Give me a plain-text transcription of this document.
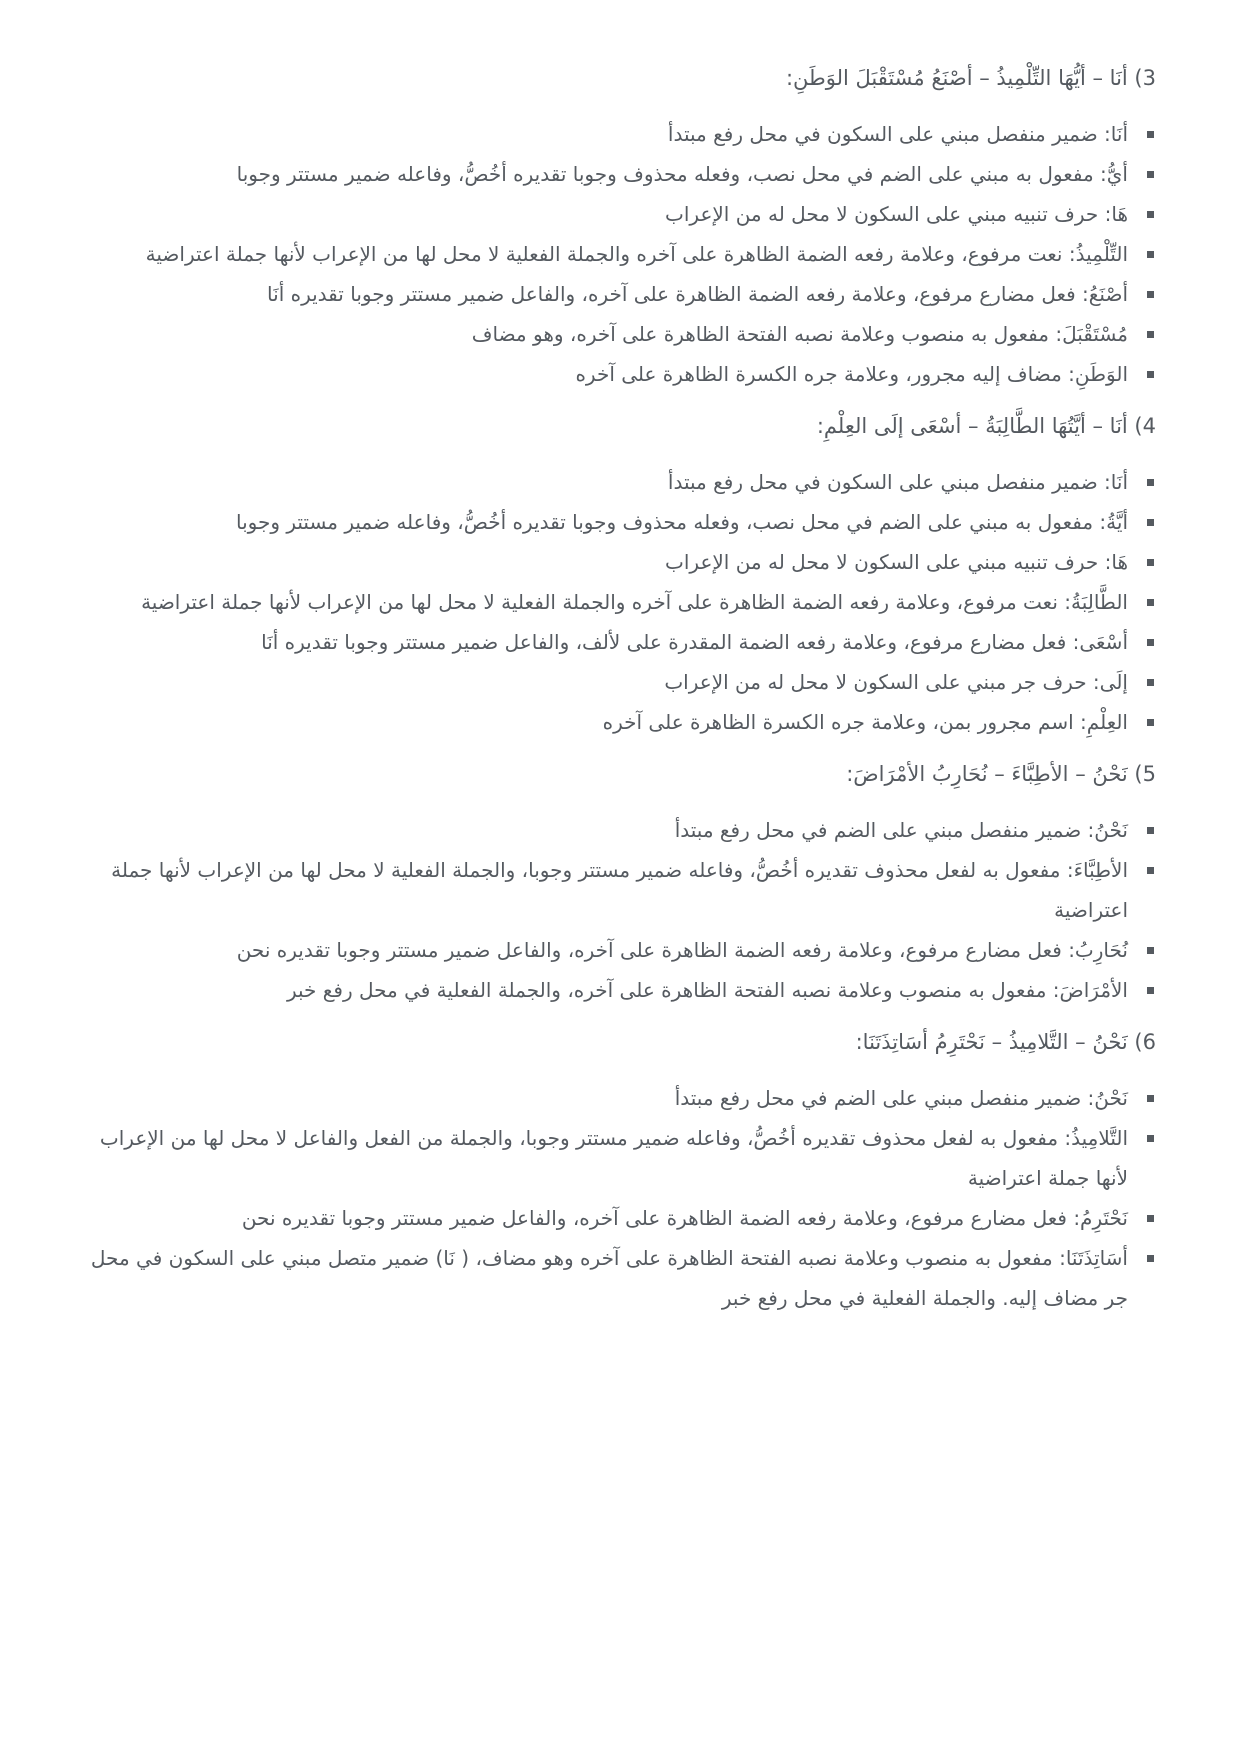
3) أنَا – أيُّهَا التِّلْمِيذُ – أصْنَعُ مُسْتَقْبَلَ الوَطَنِ:

أنَا: ضمير منفصل مبني على السكون في محل رفع مبتدأ
أيُّ: مفعول به مبني على الضم في محل نصب، وفعله محذوف وجوبا تقديره أخُصُّ، وفاعله ضمير مستتر وجوبا
هَا: حرف تنبيه مبني على السكون لا محل له من الإعراب
التِّلْمِيذُ: نعت مرفوع، وعلامة رفعه الضمة الظاهرة على آخره والجملة الفعلية لا محل لها من الإعراب لأنها جملة اعتراضية
أصْنَعُ: فعل مضارع مرفوع، وعلامة رفعه الضمة الظاهرة على آخره، والفاعل ضمير مستتر وجوبا تقديره أنَا
مُسْتَقْبَلَ: مفعول به منصوب وعلامة نصبه الفتحة الظاهرة على آخره، وهو مضاف
الوَطَنِ: مضاف إليه مجرور، وعلامة جره الكسرة الظاهرة على آخره

4) أنَا – أيَّتُهَا الطَّالِبَةُ – أسْعَى إلَى العِلْمِ:

أنَا: ضمير منفصل مبني على السكون في محل رفع مبتدأ
أيَّةُ: مفعول به مبني على الضم في محل نصب، وفعله محذوف وجوبا تقديره أخُصُّ، وفاعله ضمير مستتر وجوبا
هَا: حرف تنبيه مبني على السكون لا محل له من الإعراب
الطَّالِبَةُ: نعت مرفوع، وعلامة رفعه الضمة الظاهرة على آخره والجملة الفعلية لا محل لها من الإعراب لأنها جملة اعتراضية
أسْعَى: فعل مضارع مرفوع، وعلامة رفعه الضمة المقدرة على لألف، والفاعل ضمير مستتر وجوبا تقديره أنَا
إلَى: حرف جر مبني على السكون لا محل له من الإعراب
العِلْمِ: اسم مجرور بمن، وعلامة جره الكسرة الظاهرة على آخره

5) نَحْنُ – الأطِبَّاءَ – نُحَارِبُ الأمْرَاضَ:

نَحْنُ: ضمير منفصل مبني على الضم في محل رفع مبتدأ
الأطِبَّاءَ: مفعول به لفعل محذوف تقديره أخُصُّ، وفاعله ضمير مستتر وجوبا، والجملة الفعلية لا محل لها من الإعراب لأنها جملة اعتراضية
نُحَارِبُ: فعل مضارع مرفوع، وعلامة رفعه الضمة الظاهرة على آخره، والفاعل ضمير مستتر وجوبا تقديره نحن
الأمْرَاضَ: مفعول به منصوب وعلامة نصبه الفتحة الظاهرة على آخره، والجملة الفعلية في محل رفع خبر

6) نَحْنُ – التَّلامِيذُ – نَحْتَرِمُ أسَاتِذَتَنَا:

نَحْنُ: ضمير منفصل مبني على الضم في محل رفع مبتدأ
التَّلامِيذُ: مفعول به لفعل محذوف تقديره أخُصُّ، وفاعله ضمير مستتر وجوبا، والجملة من الفعل والفاعل لا محل لها من الإعراب لأنها جملة اعتراضية
نَحْتَرِمُ: فعل مضارع مرفوع، وعلامة رفعه الضمة الظاهرة على آخره، والفاعل ضمير مستتر وجوبا تقديره نحن
أسَاتِذَتَنَا: مفعول به منصوب وعلامة نصبه الفتحة الظاهرة على آخره وهو مضاف، ( نَا) ضمير متصل مبني على السكون في محل جر مضاف إليه. والجملة الفعلية في محل رفع خبر
